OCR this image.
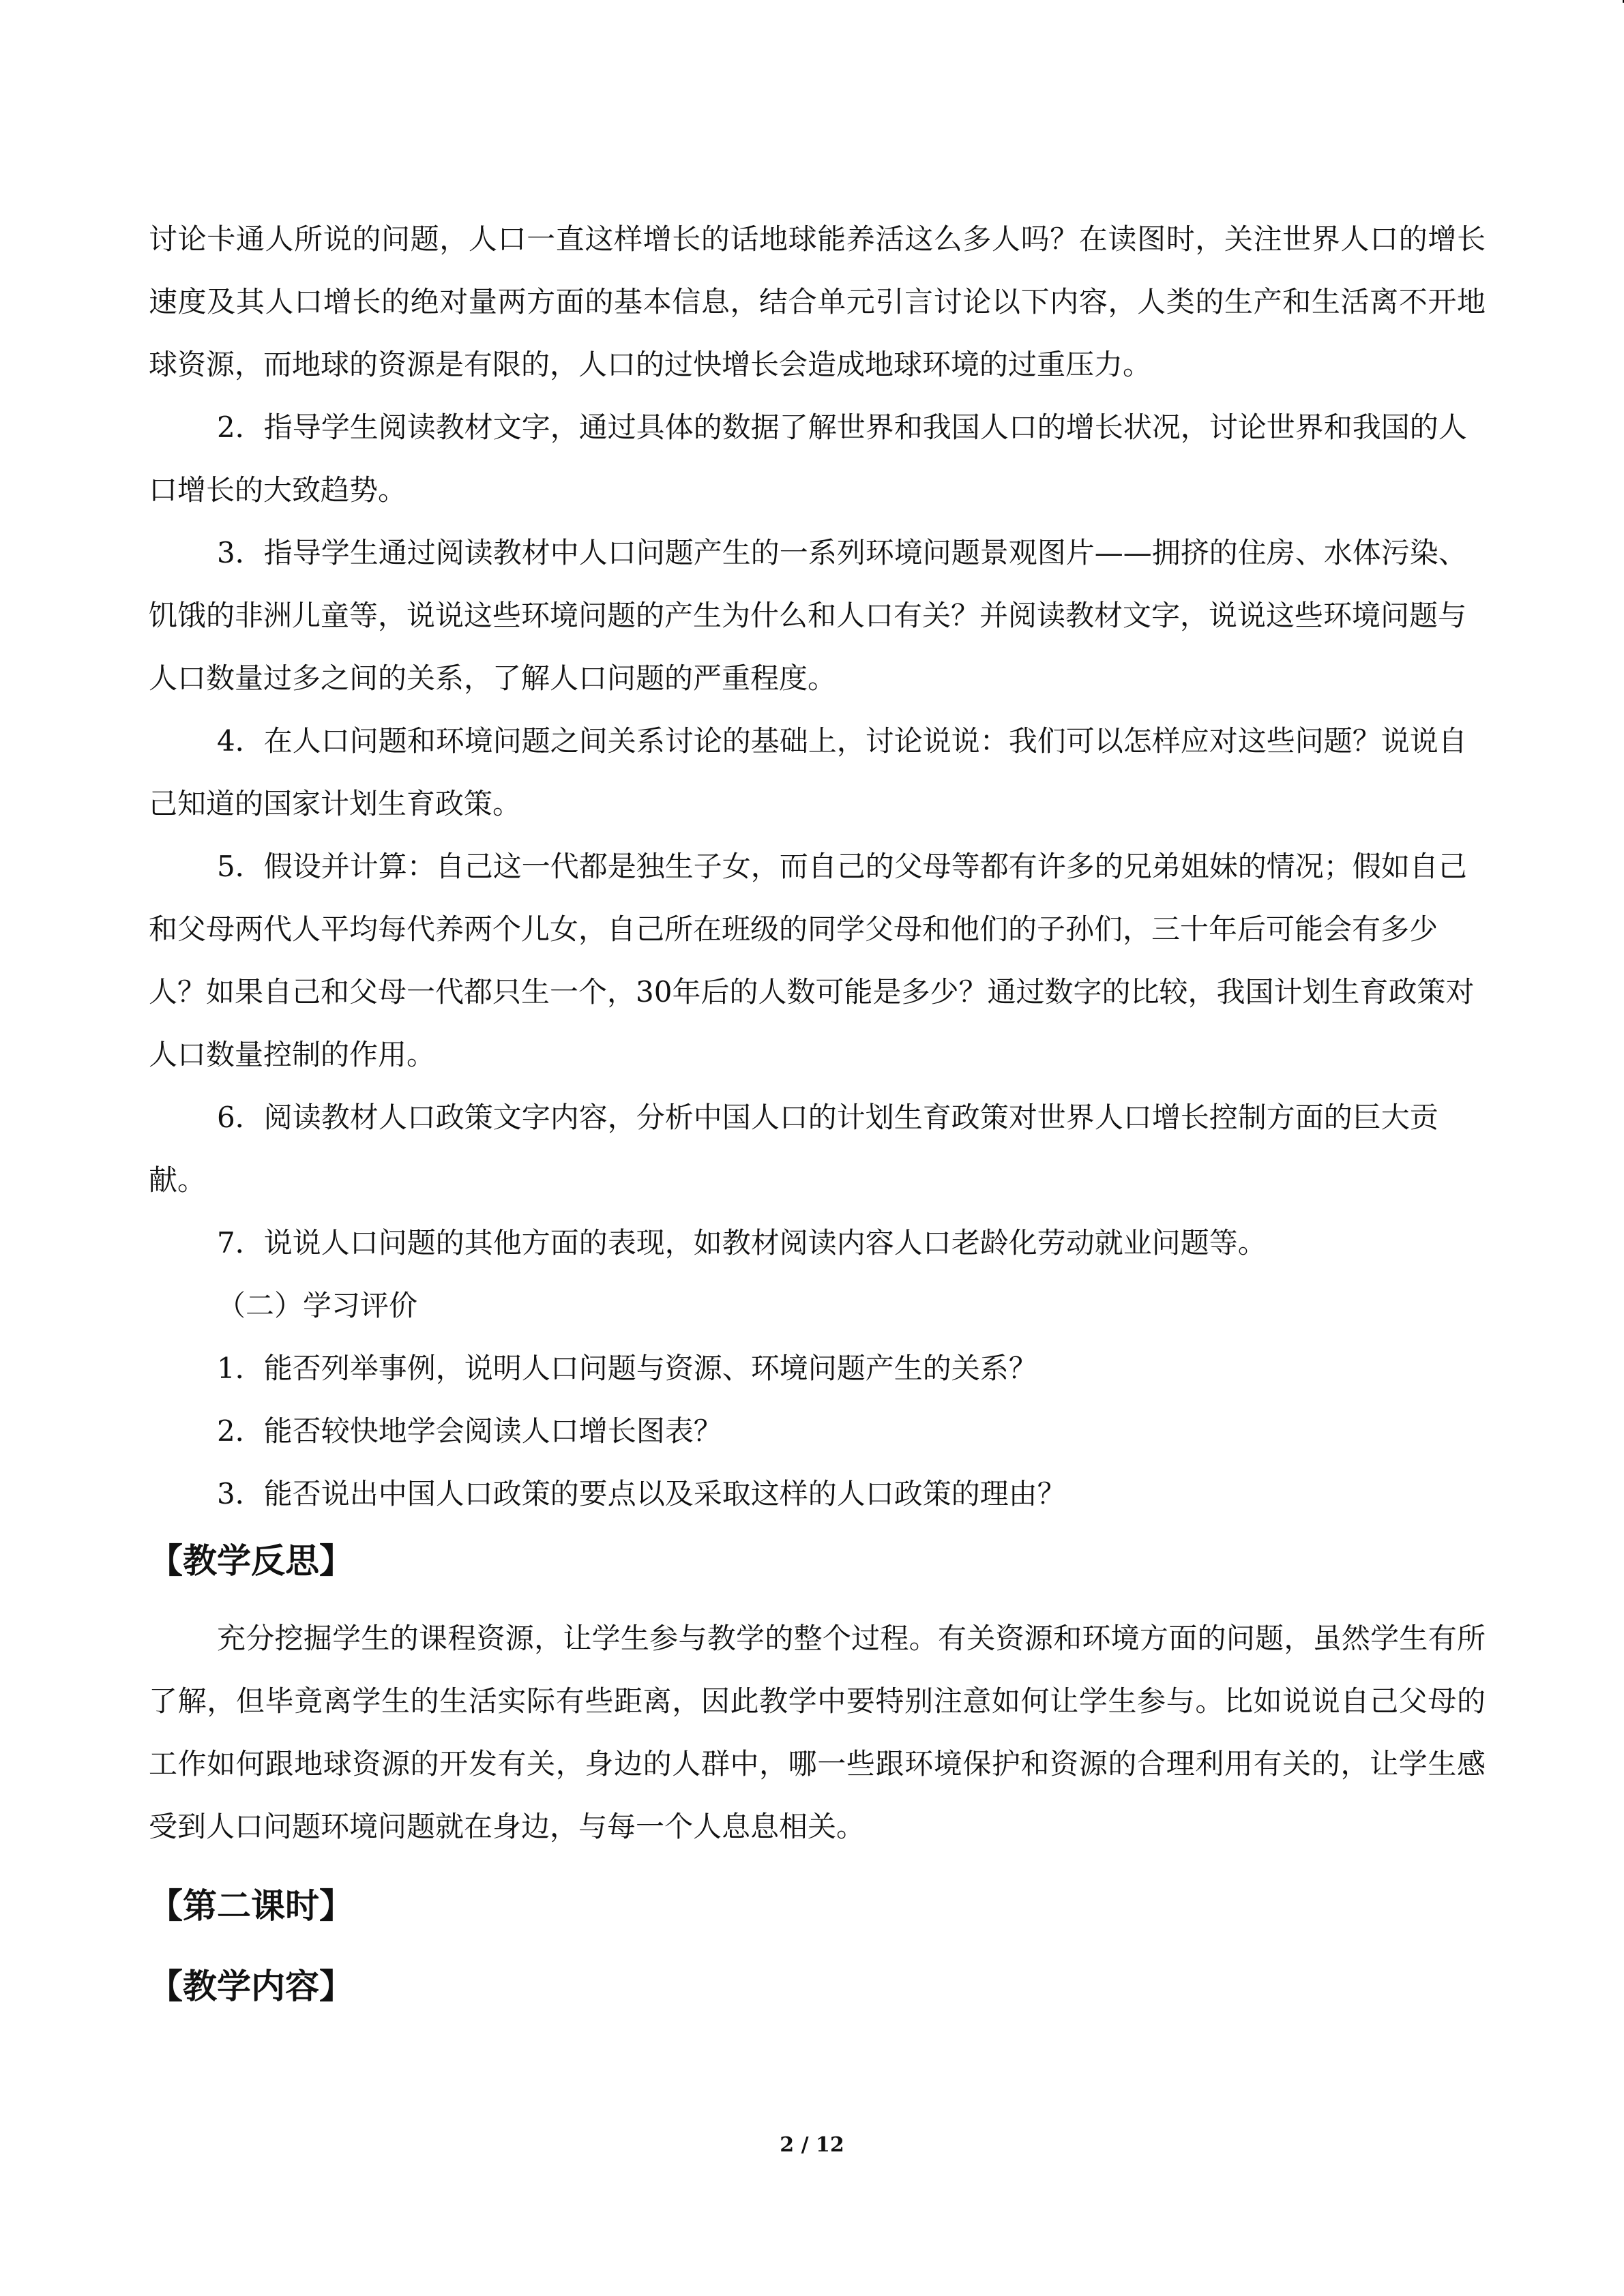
讨论卡通人所说的问题，人口一直这样增长的话地球能养活这么多人吗？在读图时，关注世界人口的增长速度及其人口增长的绝对量两方面的基本信息，结合单元引言讨论以下内容，人类的生产和生活离不开地球资源，而地球的资源是有限的，人口的过快增长会造成地球环境的过重压力。

2．指导学生阅读教材文字，通过具体的数据了解世界和我国人口的增长状况，讨论世界和我国的人口增长的大致趋势。

3．指导学生通过阅读教材中人口问题产生的一系列环境问题景观图片——拥挤的住房、水体污染、饥饿的非洲儿童等，说说这些环境问题的产生为什么和人口有关？并阅读教材文字，说说这些环境问题与人口数量过多之间的关系，了解人口问题的严重程度。

4．在人口问题和环境问题之间关系讨论的基础上，讨论说说：我们可以怎样应对这些问题？说说自己知道的国家计划生育政策。

5．假设并计算：自己这一代都是独生子女，而自己的父母等都有许多的兄弟姐妹的情况；假如自己和父母两代人平均每代养两个儿女，自己所在班级的同学父母和他们的子孙们，三十年后可能会有多少人？如果自己和父母一代都只生一个，30年后的人数可能是多少？通过数字的比较，我国计划生育政策对人口数量控制的作用。

6．阅读教材人口政策文字内容，分析中国人口的计划生育政策对世界人口增长控制方面的巨大贡献。

7．说说人口问题的其他方面的表现，如教材阅读内容人口老龄化劳动就业问题等。

（二）学习评价

1．能否列举事例，说明人口问题与资源、环境问题产生的关系？

2．能否较快地学会阅读人口增长图表？

3．能否说出中国人口政策的要点以及采取这样的人口政策的理由？

【教学反思】

充分挖掘学生的课程资源，让学生参与教学的整个过程。有关资源和环境方面的问题，虽然学生有所了解，但毕竟离学生的生活实际有些距离，因此教学中要特别注意如何让学生参与。比如说说自己父母的工作如何跟地球资源的开发有关，身边的人群中，哪一些跟环境保护和资源的合理利用有关的，让学生感受到人口问题环境问题就在身边，与每一个人息息相关。

【第二课时】
【教学内容】
2 / 12
